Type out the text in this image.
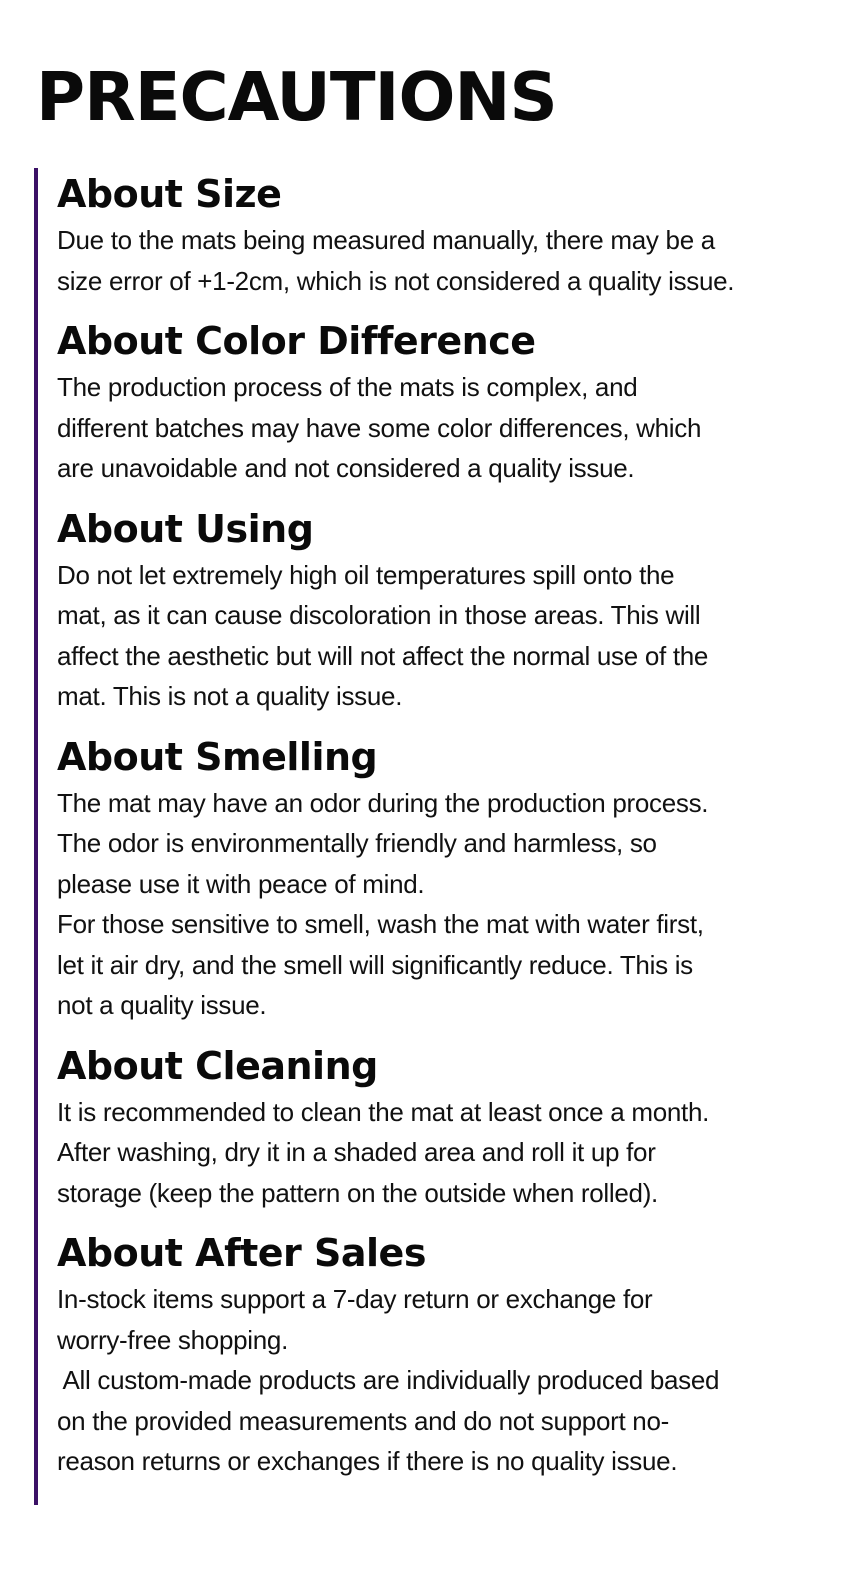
PRECAUTIONS
About Size

Due to the mats being measured manually, there may be a
size error of +1-2cm, which is not considered a quality issue.

About Color Difference

The production process of the mats is complex, and
different batches may have some color differences, which
are unavoidable and not considered a quality issue.

About Using

Do not let extremely high oil temperatures spill onto the
mat, as it can cause discoloration in those areas. This will
affect the aesthetic but will not affect the normal use of the
mat. This is not a quality issue.

About Smelling

The mat may have an odor during the production process.
The odor is environmentally friendly and harmless, so
please use it with peace of mind.

For those sensitive to smell, wash the mat with water first,
let it air dry, and the smell will significantly reduce. This is
not a quality issue.

About Cleaning

It is recommended to clean the mat at least once a month.
After washing, dry it in a shaded area and roll it up for
storage (keep the pattern on the outside when rolled).

About After Sales

In-stock items support a 7-day return or exchange for
worry-free shopping.

All custom-made products are individually produced based
on the provided measurements and do not support no-
reason returns or exchanges if there is no quality issue.
